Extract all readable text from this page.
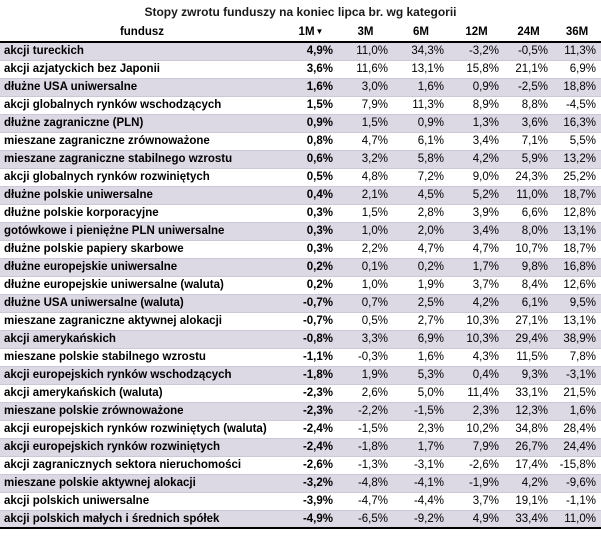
Stopy zwrotu funduszy na koniec lipca br. wg kategorii
fundusz	1M▼	3M	6M	12M	24M	36M
akcji tureckich	4,9%	11,0%	34,3%	-3,2%	-0,5%	11,3%
akcji azjatyckich bez Japonii	3,6%	11,6%	13,1%	15,8%	21,1%	6,9%
dłużne USA uniwersalne	1,6%	3,0%	1,6%	0,9%	-2,5%	18,8%
akcji globalnych rynków wschodzących	1,5%	7,9%	11,3%	8,9%	8,8%	-4,5%
dłużne zagraniczne (PLN)	0,9%	1,5%	0,9%	1,3%	3,6%	16,3%
mieszane zagraniczne zrównoważone	0,8%	4,7%	6,1%	3,4%	7,1%	5,5%
mieszane zagraniczne stabilnego wzrostu	0,6%	3,2%	5,8%	4,2%	5,9%	13,2%
akcji globalnych rynków rozwiniętych	0,5%	4,8%	7,2%	9,0%	24,3%	25,2%
dłużne polskie uniwersalne	0,4%	2,1%	4,5%	5,2%	11,0%	18,7%
dłużne polskie korporacyjne	0,3%	1,5%	2,8%	3,9%	6,6%	12,8%
gotówkowe i pieniężne PLN uniwersalne	0,3%	1,0%	2,0%	3,4%	8,0%	13,1%
dłużne polskie papiery skarbowe	0,3%	2,2%	4,7%	4,7%	10,7%	18,7%
dłużne europejskie uniwersalne	0,2%	0,1%	0,2%	1,7%	9,8%	16,8%
dłużne europejskie uniwersalne (waluta)	0,2%	1,0%	1,9%	3,7%	8,4%	12,6%
dłużne USA uniwersalne (waluta)	-0,7%	0,7%	2,5%	4,2%	6,1%	9,5%
mieszane zagraniczne aktywnej alokacji	-0,7%	0,5%	2,7%	10,3%	27,1%	13,1%
akcji amerykańskich	-0,8%	3,3%	6,9%	10,3%	29,4%	38,9%
mieszane polskie stabilnego wzrostu	-1,1%	-0,3%	1,6%	4,3%	11,5%	7,8%
akcji europejskich rynków wschodzących	-1,8%	1,9%	5,3%	0,4%	9,3%	-3,1%
akcji amerykańskich (waluta)	-2,3%	2,6%	5,0%	11,4%	33,1%	21,5%
mieszane polskie zrównoważone	-2,3%	-2,2%	-1,5%	2,3%	12,3%	1,6%
akcji europejskich rynków rozwiniętych (waluta)	-2,4%	-1,5%	2,3%	10,2%	34,8%	28,4%
akcji europejskich rynków rozwiniętych	-2,4%	-1,8%	1,7%	7,9%	26,7%	24,4%
akcji zagranicznych sektora nieruchomości	-2,6%	-1,3%	-3,1%	-2,6%	17,4%	-15,8%
mieszane polskie aktywnej alokacji	-3,2%	-4,8%	-4,1%	-1,9%	4,2%	-9,6%
akcji polskich uniwersalne	-3,9%	-4,7%	-4,4%	3,7%	19,1%	-1,1%
akcji polskich małych i średnich spółek	-4,9%	-6,5%	-9,2%	4,9%	33,4%	11,0%
